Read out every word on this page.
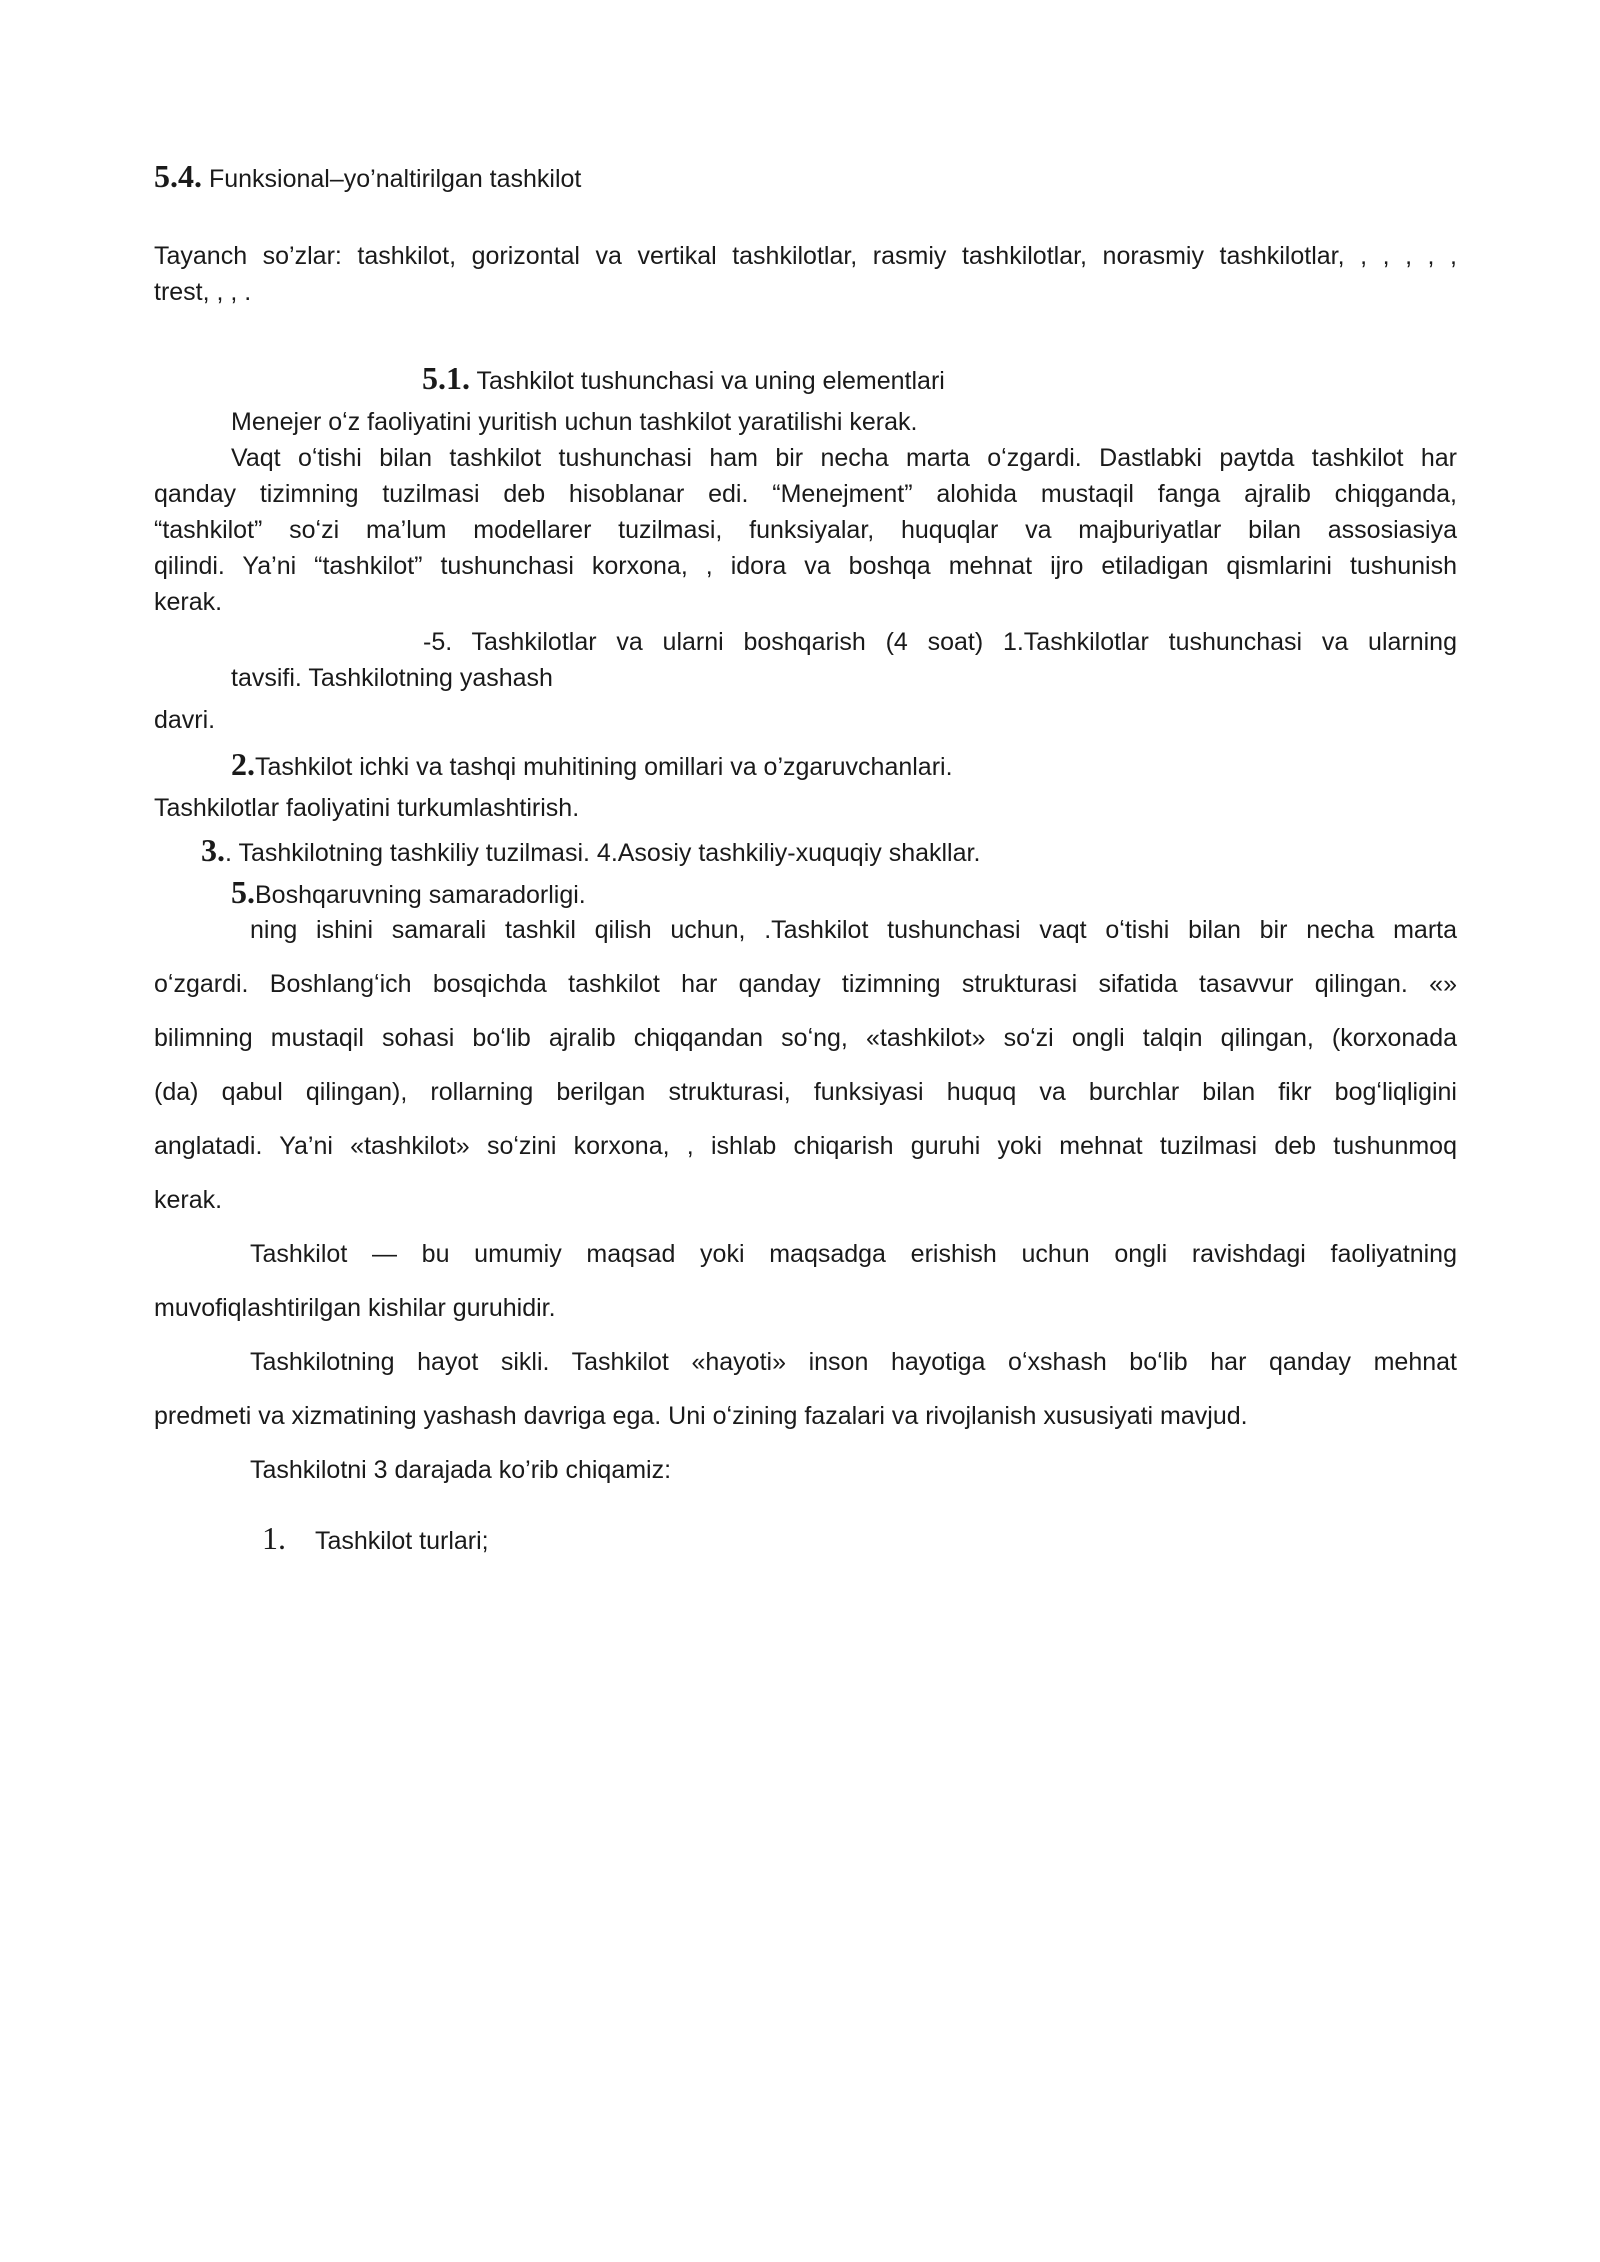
5.4. Funksional–yo’naltirilgan tashkilot
Tayanch so’zlar: tashkilot, gorizontal va vertikal tashkilotlar, rasmiy tashkilotlar, norasmiy tashkilotlar, , , , , ,
trest, , , .
5.1. Tashkilot tushunchasi va uning elementlari
Menejer oʻz faoliyatini yuritish uchun tashkilot yaratilishi kerak.
Vaqt oʻtishi bilan tashkilot tushunchasi ham bir necha marta oʻzgardi. Dastlabki paytda tashkilot har
qanday tizimning tuzilmasi deb hisoblanar edi. “Menejment” alohida mustaqil fanga ajralib chiqganda,
“tashkilot” soʻzi ma’lum modellarer tuzilmasi, funksiyalar, huquqlar va majburiyatlar bilan assosiasiya
qilindi. Ya’ni “tashkilot” tushunchasi korxona, , idora va boshqa mehnat ijro etiladigan qismlarini tushunish
kerak.
-5. Tashkilotlar va ularni boshqarish (4 soat) 1.Tashkilotlar tushunchasi va ularning
tavsifi. Tashkilotning yashash
davri.
2.Tashkilot ichki va tashqi muhitining omillari va o’zgaruvchanlari.
Tashkilotlar faoliyatini turkumlashtirish.
3.. Tashkilotning tashkiliy tuzilmasi. 4.Asosiy tashkiliy-xuquqiy shakllar.
5.Boshqaruvning samaradorligi.
ning ishini samarali tashkil qilish uchun, .Tashkilot tushunchasi vaqt oʻtishi bilan bir necha marta
oʻzgardi. Boshlangʻich bosqichda tashkilot har qanday tizimning strukturasi sifatida tasavvur qilingan. «»
bilimning mustaqil sohasi boʻlib ajralib chiqqandan soʻng, «tashkilot» soʻzi ongli talqin qilingan, (korxonada
(da) qabul qilingan), rollarning berilgan strukturasi, funksiyasi huquq va burchlar bilan fikr bogʻliqligini
anglatadi. Ya’ni «tashkilot» soʻzini korxona, , ishlab chiqarish guruhi yoki mehnat tuzilmasi deb tushunmoq
kerak.
Tashkilot — bu umumiy maqsad yoki maqsadga erishish uchun ongli ravishdagi faoliyatning
muvofiqlashtirilgan kishilar guruhidir.
Tashkilotning hayot sikli. Tashkilot «hayoti» inson hayotiga oʻxshash boʻlib har qanday mehnat
predmeti va xizmatining yashash davriga ega. Uni oʻzining fazalari va rivojlanish xususiyati mavjud.
Tashkilotni 3 darajada ko’rib chiqamiz:
1. Tashkilot turlari;
